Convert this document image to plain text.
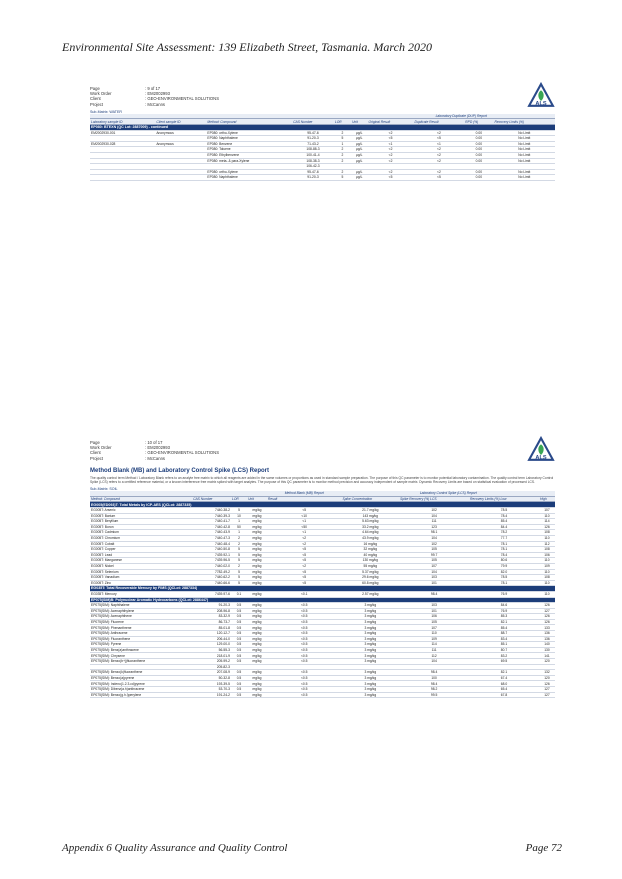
Environmental Site Assessment: 139 Elizabeth Street, Tasmania. March 2020
Page	: 9 of 17
Work Order	: EM2002993
Client	: GEO-ENVIRONMENTAL SOLUTIONS
Project	: McCanns	ALS
Sub-Matrix: WATER
						Laboratory Duplicate (DUP) Report			
Laboratory sample ID	Client sample ID	Method: Compound	CAS Number	LOR	Unit	Original Result	Duplicate Result	RPD (%)	Recovery Limits (%)
EP080: BTEXN (QC Lot: 2887009) - continued									
EM2002930-001	Anonymous	EP080: ortho-Xylene	95-47-6	2	µg/L	<2	<2	0.00	No Limit
		EP080: Naphthalene	91-20-3	5	µg/L	<5	<5	0.00	No Limit
EM2002930-028	Anonymous	EP080: Benzene	71-43-2	1	µg/L	<1	<1	0.00	No Limit
		EP080: Toluene	108-88-3	2	µg/L	<2	<2	0.00	No Limit
		EP080: Ethylbenzene	100-41-4	2	µg/L	<2	<2	0.00	No Limit
		EP080: meta- & para-Xylene	108-38-3	2	µg/L	<2	<2	0.00	No Limit
			106-42-3						
		EP080: ortho-Xylene	95-47-6	2	µg/L	<2	<2	0.00	No Limit
		EP080: Naphthalene	91-20-3	5	µg/L	<5	<5	0.00	No Limit
Page	: 10 of 17
Work Order	: EM2002993
Client	: GEO-ENVIRONMENTAL SOLUTIONS
Project	: McCanns	ALS
Method Blank (MB) and Laboratory Control Spike (LCS) Report
The quality control term Method / Laboratory Blank refers to an analyte free matrix to which all reagents are added in the same volumes or proportions as used in standard sample preparation. The purpose of this QC parameter is to monitor potential laboratory contamination. The quality control term Laboratory Control Spike (LCS) refers to a certified reference material, or a known interference free matrix spiked with target analytes. The purpose of this QC parameter is to monitor method precision and accuracy independent of sample matrix. Dynamic Recovery Limits are based on statistical evaluation of processed LCS.
Sub-Matrix: SOIL
				Method Blank (MB) Report	Laboratory Control Spike (LCS) Report			
Method: Compound	CAS Number	LOR	Unit	Result	Spike Concentration	Spike Recovery (%) LCS	Recovery Limits (%) Low	High
EG005(ED093)T: Total Metals by ICP-AES (QCLot: 2887335)								
EG005T: Arsenic	7440-38-2	5	mg/kg	<5	21.7 mg/kg	102	78.5	107
EG005T: Barium	7440-39-3	10	mg/kg	<10	143 mg/kg	104	78.4	110
EG005T: Beryllium	7440-41-7	1	mg/kg	<1	5.63 mg/kg	111	85.4	114
EG005T: Boron	7440-42-8	50	mg/kg	<50	33.2 mg/kg	123	84.4	126
EG005T: Cadmium	7440-43-9	1	mg/kg	<1	4.64 mg/kg	98.1	78.2	108
EG005T: Chromium	7440-47-3	2	mg/kg	<2	43.9 mg/kg	104	77.7	110
EG005T: Cobalt	7440-48-4	2	mg/kg	<2	16 mg/kg	102	78.1	112
EG005T: Copper	7440-50-8	5	mg/kg	<5	32 mg/kg	105	78.1	108
EG005T: Lead	7439-92-1	5	mg/kg	<5	40 mg/kg	99.7	78.4	106
EG005T: Manganese	7439-96-5	5	mg/kg	<5	130 mg/kg	105	80.6	110
EG005T: Nickel	7440-02-0	2	mg/kg	<2	55 mg/kg	107	79.9	109
EG005T: Selenium	7782-49-2	5	mg/kg	<5	5.37 mg/kg	104	82.0	110
EG005T: Vanadium	7440-62-2	5	mg/kg	<5	29.6 mg/kg	103	78.5	108
EG005T: Zinc	7440-66-6	5	mg/kg	<5	60.8 mg/kg	101	78.1	110
EG035T: Total Recoverable Mercury by FIMS (QCLot: 2887334)								
EG035T: Mercury	7439-97-6	0.1	mg/kg	<0.1	2.57 mg/kg	98.4	76.9	110
EP075(SIM)B: Polynuclear Aromatic Hydrocarbons (QCLot: 2886447)								
EP075(SIM): Naphthalene	91-20-3	0.5	mg/kg	<0.5	3 mg/kg	103	84.6	126
EP075(SIM): Acenaphthylene	208-96-8	0.5	mg/kg	<0.5	3 mg/kg	101	76.9	127
EP075(SIM): Acenaphthene	83-32-9	0.5	mg/kg	<0.5	3 mg/kg	106	85.3	126
EP075(SIM): Fluorene	86-73-7	0.5	mg/kg	<0.5	3 mg/kg	105	82.1	126
EP075(SIM): Phenanthrene	85-01-8	0.5	mg/kg	<0.5	3 mg/kg	107	85.4	133
EP075(SIM): Anthracene	120-12-7	0.5	mg/kg	<0.5	3 mg/kg	110	88.7	136
EP075(SIM): Fluoranthene	206-44-0	0.5	mg/kg	<0.5	3 mg/kg	109	83.4	136
EP075(SIM): Pyrene	129-00-0	0.5	mg/kg	<0.5	3 mg/kg	114	85.1	140
EP075(SIM): Benz(a)anthracene	56-55-3	0.5	mg/kg	<0.5	3 mg/kg	111	80.7	130
EP075(SIM): Chrysene	218-01-9	0.5	mg/kg	<0.5	3 mg/kg	112	83.2	141
EP075(SIM): Benzo(b+j)fluoranthene	205-99-2	0.5	mg/kg	<0.5	3 mg/kg	104	69.5	120
	205-82-3							
EP075(SIM): Benzo(k)fluoranthene	207-08-9	0.5	mg/kg	<0.5	3 mg/kg	98.4	82.1	132
EP075(SIM): Benzo(a)pyrene	50-32-8	0.5	mg/kg	<0.5	3 mg/kg	100	67.4	120
EP075(SIM): Indeno(1.2.3.cd)pyrene	193-39-5	0.5	mg/kg	<0.5	3 mg/kg	98.4	68.0	126
EP075(SIM): Dibenz(a.h)anthracene	53-70-3	0.5	mg/kg	<0.5	3 mg/kg	98.2	65.4	127
EP075(SIM): Benzo(g.h.i)perylene	191-24-2	0.5	mg/kg	<0.5	3 mg/kg	99.5	67.8	127
Appendix 6 Quality Assurance and Quality Control	Page 72
